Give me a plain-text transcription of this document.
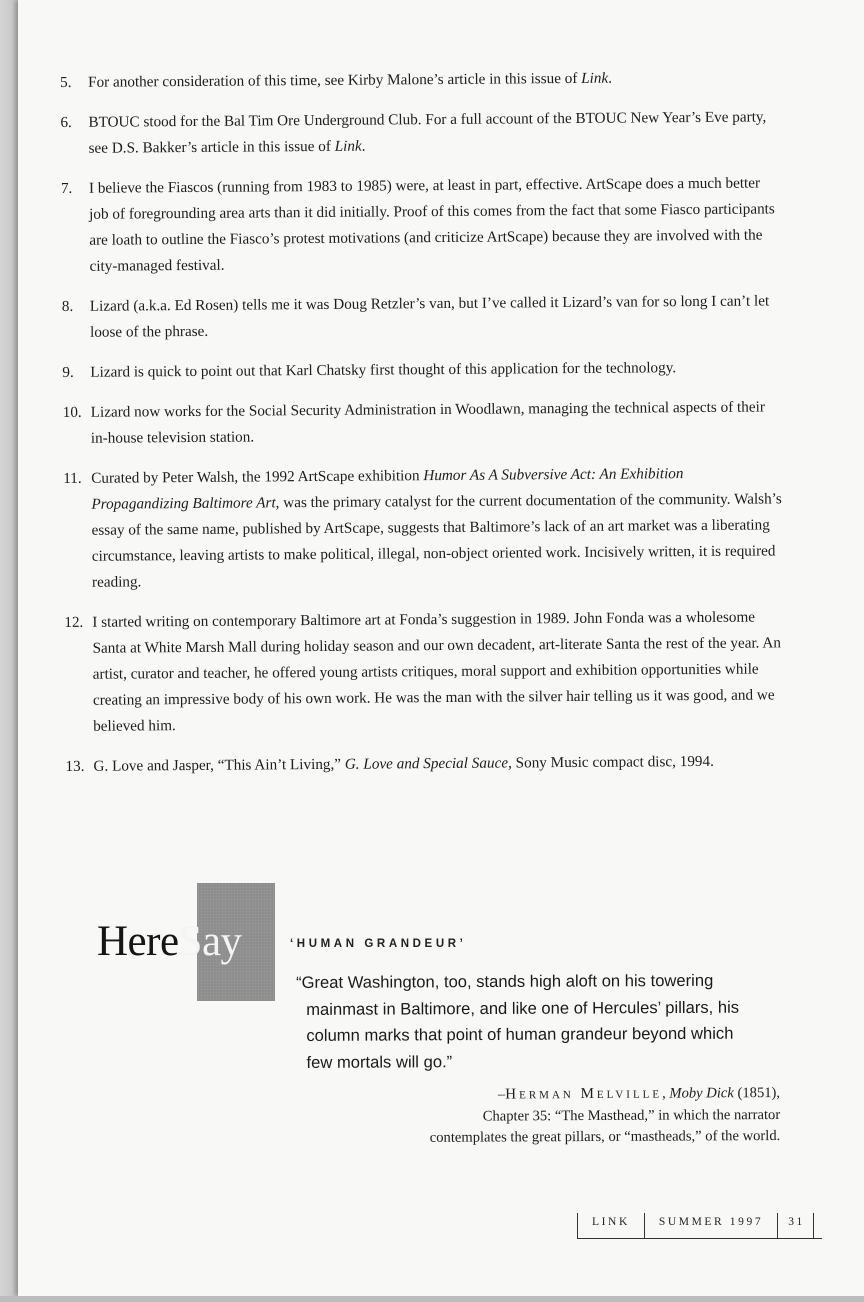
5.	For another consideration of this time, see Kirby Malone’s article in this issue of Link.
6.	BTOUC stood for the Bal Tim Ore Underground Club. For a full account of the BTOUC New Year’s Eve party, see D.S. Bakker’s article in this issue of Link.
7.	I believe the Fiascos (running from 1983 to 1985) were, at least in part, effective. ArtScape does a much better job of foregrounding area arts than it did initially. Proof of this comes from the fact that some Fiasco participants are loath to outline the Fiasco’s protest motivations (and criticize ArtScape) because they are involved with the city-managed festival.
8.	Lizard (a.k.a. Ed Rosen) tells me it was Doug Retzler’s van, but I’ve called it Lizard’s van for so long I can’t let loose of the phrase.
9.	Lizard is quick to point out that Karl Chatsky first thought of this application for the technology.
10. Lizard now works for the Social Security Administration in Woodlawn, managing the technical aspects of their in-house television station.
11. Curated by Peter Walsh, the 1992 ArtScape exhibition Humor As A Subversive Act: An Exhibition Propagandizing Baltimore Art, was the primary catalyst for the current documentation of the community. Walsh’s essay of the same name, published by ArtScape, suggests that Baltimore’s lack of an art market was a liberating circumstance, leaving artists to make political, illegal, non-object oriented work. Incisively written, it is required reading.
12. I started writing on contemporary Baltimore art at Fonda’s suggestion in 1989. John Fonda was a wholesome Santa at White Marsh Mall during holiday season and our own decadent, art-literate Santa the rest of the year. An artist, curator and teacher, he offered young artists critiques, moral support and exhibition opportunities while creating an impressive body of his own work. He was the man with the silver hair telling us it was good, and we believed him.
13. G. Love and Jasper, “This Ain’t Living,” G. Love and Special Sauce, Sony Music compact disc, 1994.
HereSay	‘HUMAN GRANDEUR’
“Great Washington, too, stands high aloft on his towering
mainmast in Baltimore, and like one of Hercules’ pillars, his
column marks that point of human grandeur beyond which
few mortals will go.”
–Herman Melville, Moby Dick (1851),
Chapter 35: “The Masthead,” in which the narrator
contemplates the great pillars, or “mastheads,” of the world.
LINK	SUMMER 1997	31
